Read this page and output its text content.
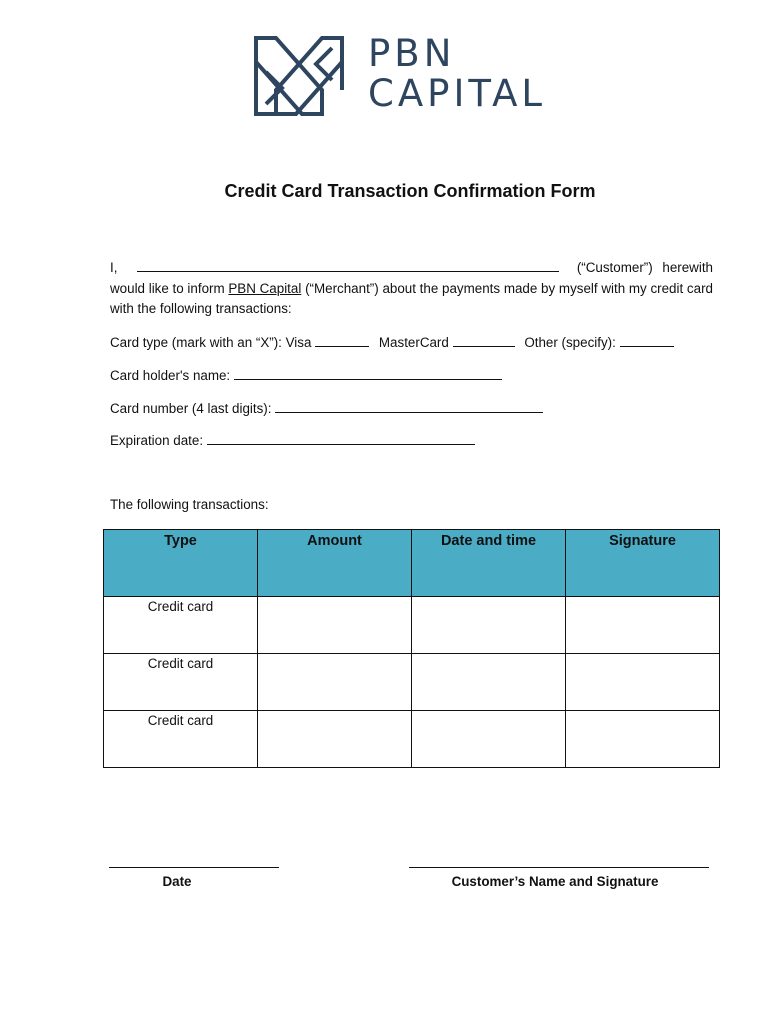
PBN
CAPITAL
Credit Card Transaction Confirmation Form
I,	(“Customer”) herewith would like to inform PBN Capital (“Merchant”) about the payments made by myself with my credit card with the following transactions:
Card type (mark with an “X”): Visa	MasterCard	Other (specify):
Card holder's name:
Card number (4 last digits):
Expiration date:
The following transactions:
Type	Amount	Date and time	Signature
Credit card			
Credit card			
Credit card			
Date	Customer’s Name and Signature
